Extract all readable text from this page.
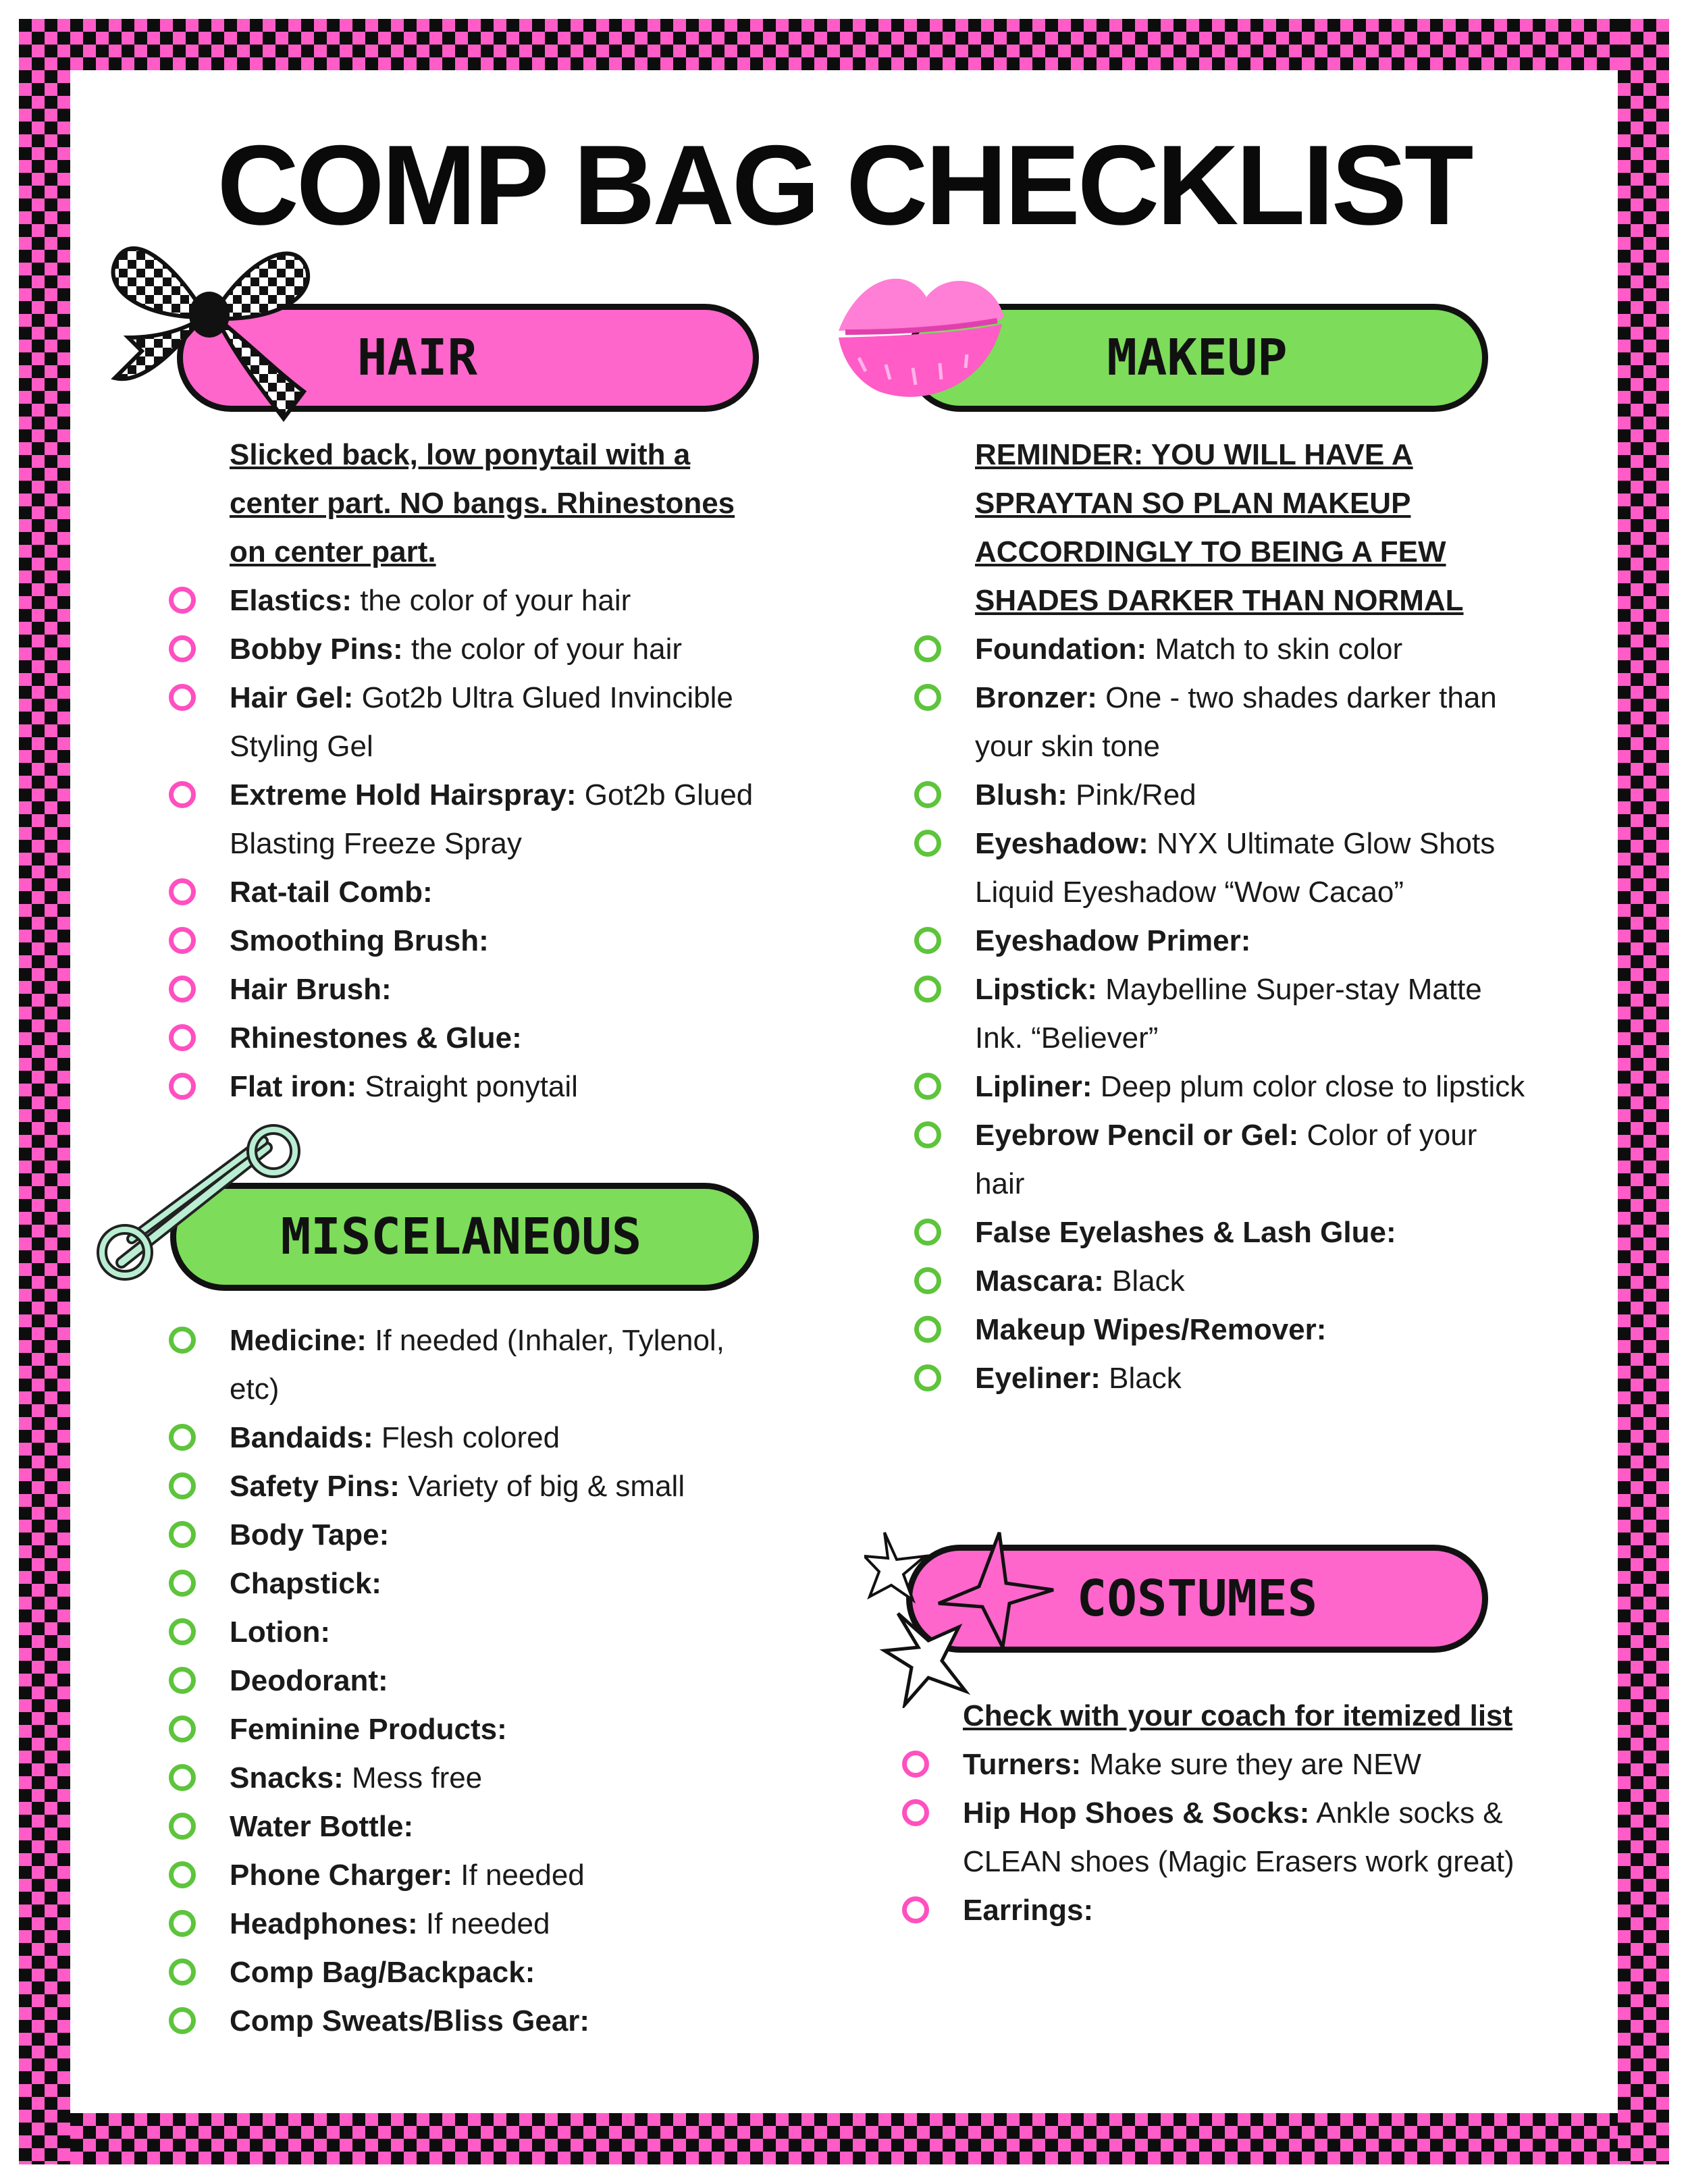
COMP BAG CHECKLIST
HAIR
Slicked back, low ponytail with a center part. NO bangs. Rhinestones on center part.
Elastics: the color of your hair
Bobby Pins: the color of your hair
Hair Gel: Got2b Ultra Glued Invincible Styling Gel
Extreme Hold Hairspray: Got2b Glued Blasting Freeze Spray
Rat-tail Comb:
Smoothing Brush:
Hair Brush:
Rhinestones & Glue:
Flat iron: Straight ponytail
MAKEUP
REMINDER: YOU WILL HAVE A SPRAYTAN SO PLAN MAKEUP ACCORDINGLY TO BEING A FEW SHADES DARKER THAN NORMAL
Foundation: Match to skin color
Bronzer: One - two shades darker than your skin tone
Blush: Pink/Red
Eyeshadow: NYX Ultimate Glow Shots Liquid Eyeshadow “Wow Cacao”
Eyeshadow Primer:
Lipstick: Maybelline Super-stay Matte Ink. “Believer”
Lipliner: Deep plum color close to lipstick
Eyebrow Pencil or Gel: Color of your hair
False Eyelashes & Lash Glue:
Mascara: Black
Makeup Wipes/Remover:
Eyeliner: Black
MISCELANEOUS
Medicine: If needed (Inhaler, Tylenol, etc)
Bandaids: Flesh colored
Safety Pins: Variety of big & small
Body Tape:
Chapstick:
Lotion:
Deodorant:
Feminine Products:
Snacks: Mess free
Water Bottle:
Phone Charger: If needed
Headphones: If needed
Comp Bag/Backpack:
Comp Sweats/Bliss Gear:
COSTUMES
Check with your coach for itemized list
Turners: Make sure they are NEW
Hip Hop Shoes & Socks: Ankle socks & CLEAN shoes (Magic Erasers work great)
Earrings:
